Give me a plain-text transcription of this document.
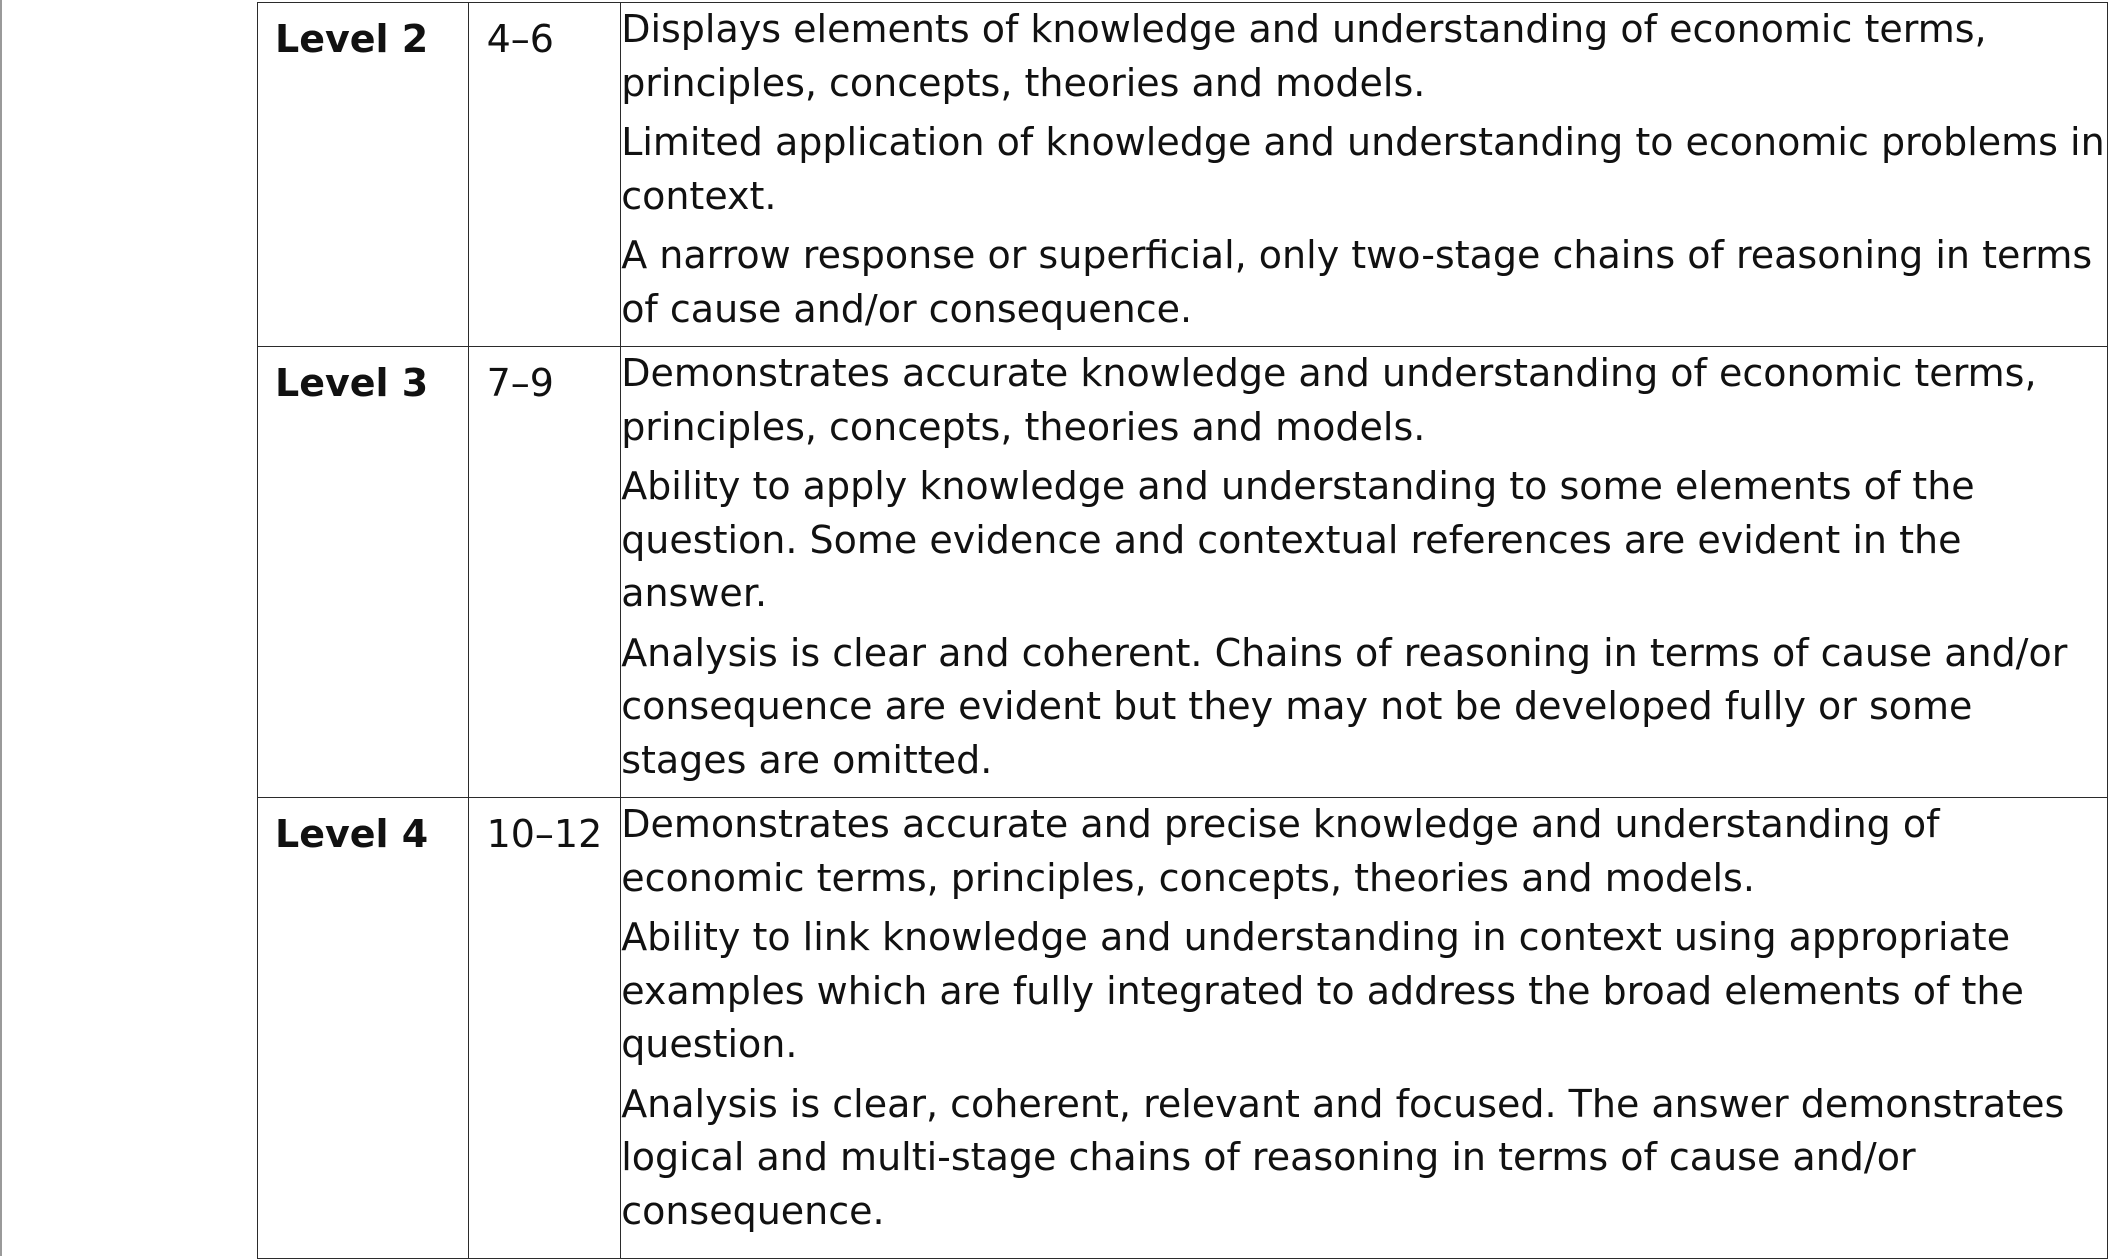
Level 2	4–6	Displays elements of knowledge and understanding of economic terms, principles, concepts, theories and models.

Limited application of knowledge and understanding to economic problems in context.

A narrow response or superficial, only two-stage chains of reasoning in terms of cause and/or consequence.

Level 3	7–9	Demonstrates accurate knowledge and understanding of economic terms, principles, concepts, theories and models.

Ability to apply knowledge and understanding to some elements of the question. Some evidence and contextual references are evident in the answer.

Analysis is clear and coherent. Chains of reasoning in terms of cause and/or consequence are evident but they may not be developed fully or some stages are omitted.

Level 4	10–12	Demonstrates accurate and precise knowledge and understanding of economic terms, principles, concepts, theories and models.

Ability to link knowledge and understanding in context using appropriate examples which are fully integrated to address the broad elements of the question.

Analysis is clear, coherent, relevant and focused. The answer demonstrates logical and multi-stage chains of reasoning in terms of cause and/or consequence.
